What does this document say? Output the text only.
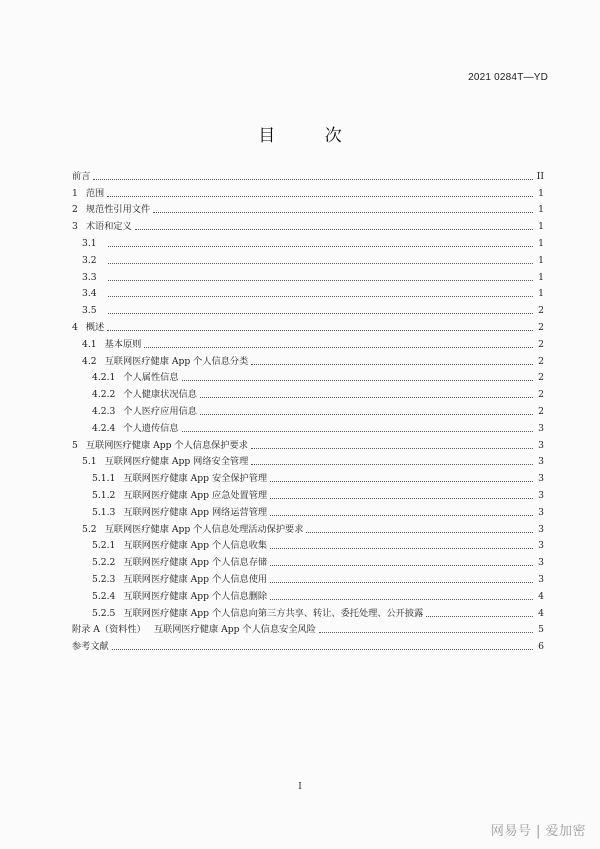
2021 0284T—YD
目 次
前言	II
1 范围	1
2 规范性引用文件	1
3 术语和定义	1
3.1	1
3.2	1
3.3	1
3.4	1
3.5	2
4 概述	2
4.1 基本原则	2
4.2 互联网医疗健康 App 个人信息分类	2
4.2.1 个人属性信息	2
4.2.2 个人健康状况信息	2
4.2.3 个人医疗应用信息	2
4.2.4 个人遗传信息	3
5 互联网医疗健康 App 个人信息保护要求	3
5.1 互联网医疗健康 App 网络安全管理	3
5.1.1 互联网医疗健康 App 安全保护管理	3
5.1.2 互联网医疗健康 App 应急处置管理	3
5.1.3 互联网医疗健康 App 网络运营管理	3
5.2 互联网医疗健康 App 个人信息处理活动保护要求	3
5.2.1 互联网医疗健康 App 个人信息收集	3
5.2.2 互联网医疗健康 App 个人信息存储	3
5.2.3 互联网医疗健康 App 个人信息使用	3
5.2.4 互联网医疗健康 App 个人信息删除	4
5.2.5 互联网医疗健康 App 个人信息向第三方共享、转让、委托处理、公开披露	4
附录 A（资料性） 互联网医疗健康 App 个人信息安全风险	5
参考文献	6
I
网易号 | 爱加密
